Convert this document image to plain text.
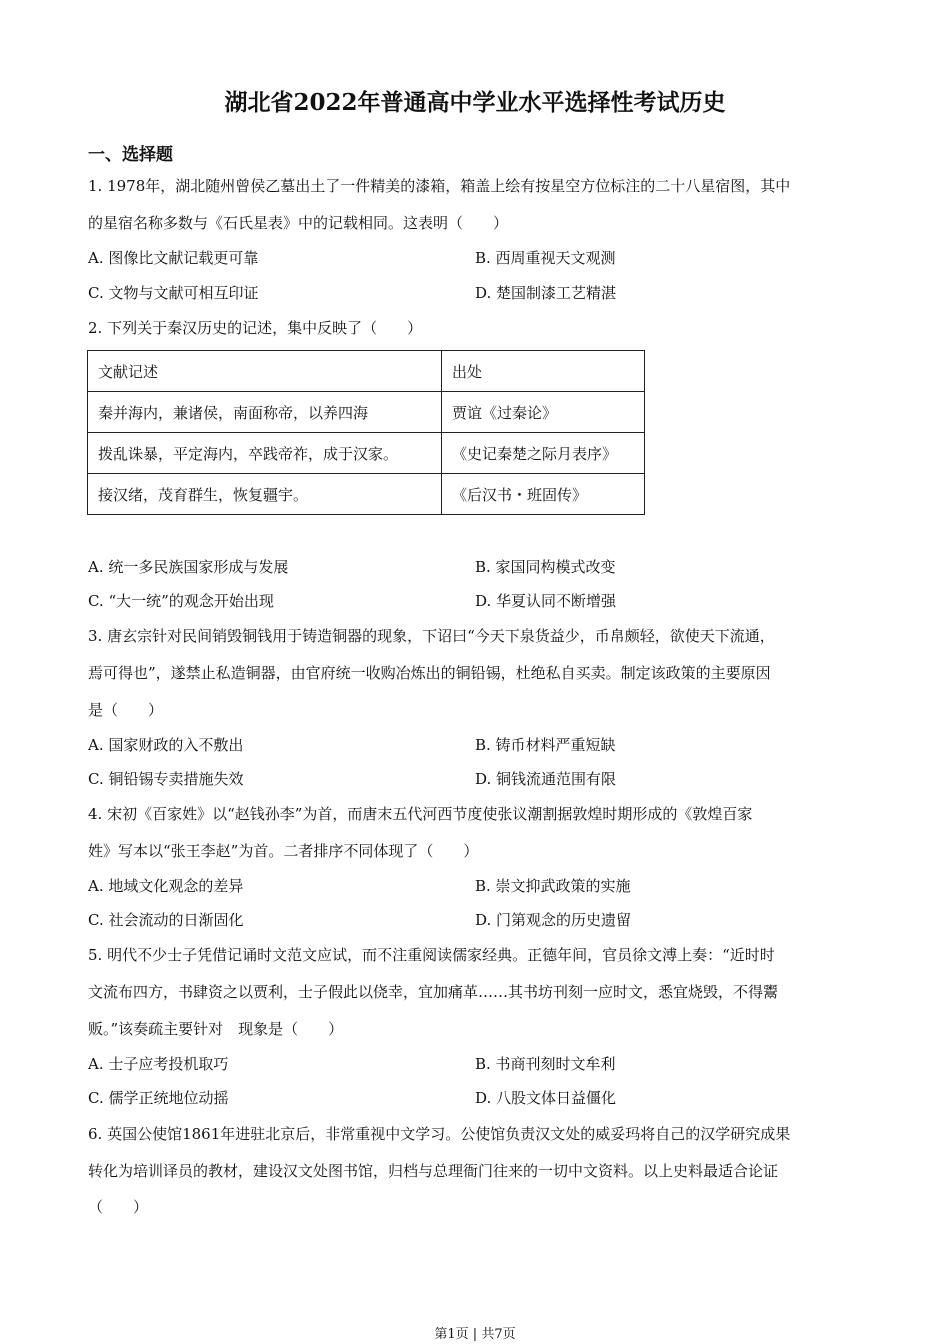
湖北省2022年普通高中学业水平选择性考试历史
一、选择题
1. 1978年，湖北随州曾侯乙墓出土了一件精美的漆箱，箱盖上绘有按星空方位标注的二十八星宿图，其中
的星宿名称多数与《石氏星表》中的记载相同。这表明（　　）
A. 图像比文献记载更可靠	B. 西周重视天文观测
C. 文物与文献可相互印证	D. 楚国制漆工艺精湛
2. 下列关于秦汉历史的记述，集中反映了（　　）
文献记述	出处
秦并海内，兼诸侯，南面称帝，以养四海	贾谊《过秦论》
拨乱诛暴，平定海内，卒践帝祚，成于汉家。	《史记秦楚之际月表序》
接汉绪，茂育群生，恢复疆宇。	《后汉书・班固传》
A. 统一多民族国家形成与发展	B. 家国同构模式改变
C. “大一统”的观念开始出现	D. 华夏认同不断增强
3. 唐玄宗针对民间销毁铜钱用于铸造铜器的现象，下诏曰“今天下泉货益少，币帛颇轻，欲使天下流通，
焉可得也”，遂禁止私造铜器，由官府统一收购冶炼出的铜铅锡，杜绝私自买卖。制定该政策的主要原因
是（　　）
A. 国家财政的入不敷出	B. 铸币材料严重短缺
C. 铜铅锡专卖措施失效	D. 铜钱流通范围有限
4. 宋初《百家姓》以“赵钱孙李”为首，而唐末五代河西节度使张议潮割据敦煌时期形成的《敦煌百家
姓》写本以“张王李赵”为首。二者排序不同体现了（　　）
A. 地域文化观念的差异	B. 崇文抑武政策的实施
C. 社会流动的日渐固化	D. 门第观念的历史遗留
5. 明代不少士子凭借记诵时文范文应试，而不注重阅读儒家经典。正德年间，官员徐文溥上奏：“近时时
文流布四方，书肆资之以贾利，士子假此以侥幸，宜加痛革……其书坊刊刻一应时文，悉宜烧毁，不得鬻
贩。”该奏疏主要针对　现象是（　　）
A. 士子应考投机取巧	B. 书商刊刻时文牟利
C. 儒学正统地位动摇	D. 八股文体日益僵化
6. 英国公使馆1861年进驻北京后，非常重视中文学习。公使馆负责汉文处的威妥玛将自己的汉学研究成果
转化为培训译员的教材，建设汉文处图书馆，归档与总理衙门往来的一切中文资料。以上史料最适合论证
（　　）
第1页 | 共7页
